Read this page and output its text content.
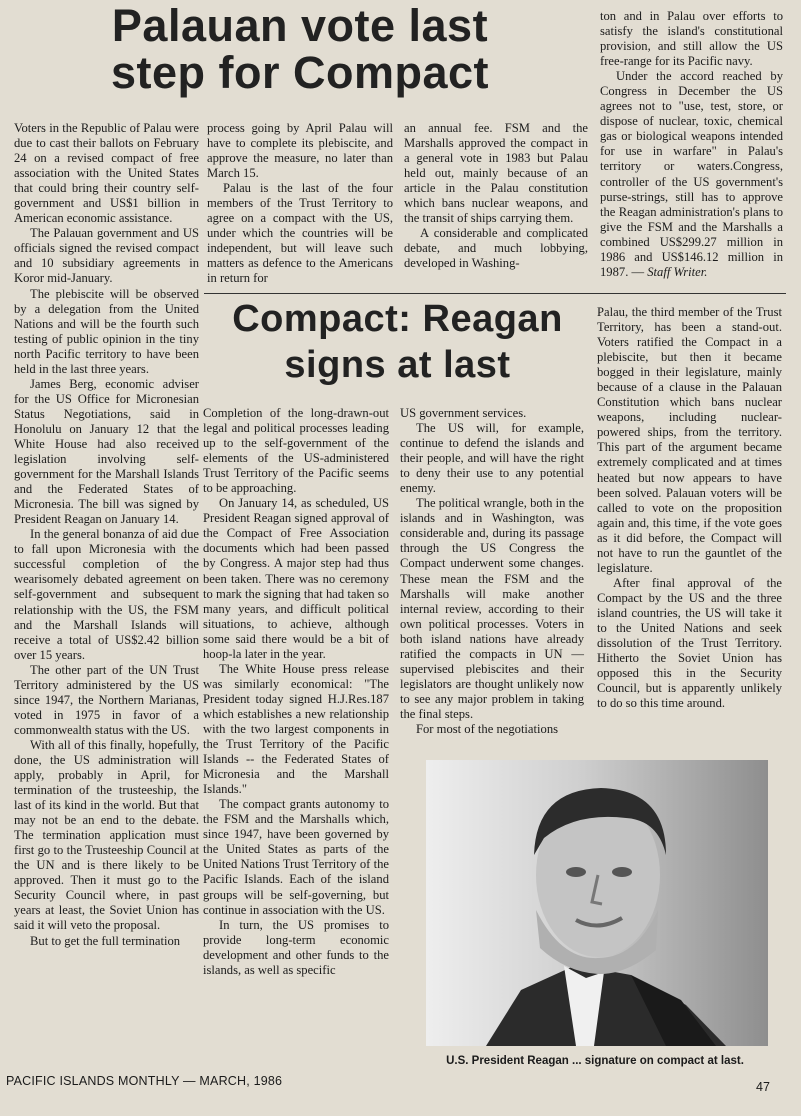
Palauan vote last step for Compact

Voters in the Republic of Palau were due to cast their ballots on February 24 on a revised compact of free association with the United States that could bring their country self-government and US$1 billion in American economic assistance.

The Palauan government and US officials signed the revised compact and 10 subsidiary agreements in Koror mid-January.

The plebiscite will be observed by a delegation from the United Nations and will be the fourth such testing of public opinion in the tiny north Pacific territory to have been held in the last three years.

James Berg, economic adviser for the US Office for Micronesian Status Negotiations, said in Honolulu on January 12 that the White House had also received legislation involving self-government for the Marshall Islands and the Federated States of Micronesia. The bill was signed by President Reagan on January 14.

In the general bonanza of aid due to fall upon Micronesia with the successful completion of the wearisomely debated agreement on self-government and subsequent relationship with the US, the FSM and the Marshall Islands will receive a total of US$2.42 billion over 15 years.

The other part of the UN Trust Territory administered by the US since 1947, the Northern Marianas, voted in 1975 in favor of a commonwealth status with the US.

With all of this finally, hopefully, done, the US administration will apply, probably in April, for termination of the trusteeship, the last of its kind in the world. But that may not be an end to the debate. The termination application must first go to the Trusteeship Council at the UN and is there likely to be approved. Then it must go to the Security Council where, in past years at least, the Soviet Union has said it will veto the proposal.

But to get the full termination

process going by April Palau will have to complete its plebiscite, and approve the measure, no later than March 15.

Palau is the last of the four members of the Trust Territory to agree on a compact with the US, under which the countries will be independent, but will leave such matters as defence to the Americans in return for

an annual fee. FSM and the Marshalls approved the compact in a general vote in 1983 but Palau held out, mainly because of an article in the Palau constitution which bans nuclear weapons, and the transit of ships carrying them.

A considerable and complicated debate, and much lobbying, developed in Washing-

ton and in Palau over efforts to satisfy the island's constitutional provision, and still allow the US free-range for its Pacific navy.

Under the accord reached by Congress in December the US agrees not to "use, test, store, or dispose of nuclear, toxic, chemical gas or biological weapons intended for use in warfare" in Palau's territory or waters.Congress, controller of the US government's purse-strings, still has to approve the Reagan administration's plans to give the FSM and the Marshalls a combined US$299.27 million in 1986 and US$146.12 million in 1987. — Staff Writer.

Compact: Reagan signs at last

Completion of the long-drawn-out legal and political processes leading up to the self-government of the elements of the US-administered Trust Territory of the Pacific seems to be approaching.

On January 14, as scheduled, US President Reagan signed approval of the Compact of Free Association documents which had been passed by Congress. A major step had thus been taken. There was no ceremony to mark the signing that had taken so many years, and difficult political situations, to achieve, although some said there would be a bit of hoop-la later in the year.

The White House press release was similarly economical: "The President today signed H.J.Res.187 which establishes a new relationship with the two largest components in the Trust Territory of the Pacific Islands -- the Federated States of Micronesia and the Marshall Islands."

The compact grants autonomy to the FSM and the Marshalls which, since 1947, have been governed by the United States as parts of the United Nations Trust Territory of the Pacific Islands. Each of the island groups will be self-governing, but continue in association with the US.

In turn, the US promises to provide long-term economic development and other funds to the islands, as well as specific

US government services.

The US will, for example, continue to defend the islands and their people, and will have the right to deny their use to any potential enemy.

The political wrangle, both in the islands and in Washington, was considerable and, during its passage through the US Congress the Compact underwent some changes. These mean the FSM and the Marshalls will make another internal review, according to their own political processes. Voters in both island nations have already ratified the compacts in UN — supervised plebiscites and their legislators are thought unlikely now to see any major problem in taking the final steps.

For most of the negotiations

Palau, the third member of the Trust Territory, has been a stand-out. Voters ratified the Compact in a plebiscite, but then it became bogged in their legislature, mainly because of a clause in the Palauan Constitution which bans nuclear weapons, including nuclear-powered ships, from the territory. This part of the argument became extremely complicated and at times heated but now appears to have been solved. Palauan voters will be called to vote on the proposition again and, this time, if the vote goes as it did before, the Compact will not have to run the gauntlet of the legislature.

After final approval of the Compact by the US and the three island countries, the US will take it to the United Nations and seek dissolution of the Trust Territory. Hitherto the Soviet Union has opposed this in the Security Council, but is apparently unlikely to do so this time around.

U.S. President Reagan ... signature on compact at last.
PACIFIC ISLANDS MONTHLY — MARCH, 1986	47
